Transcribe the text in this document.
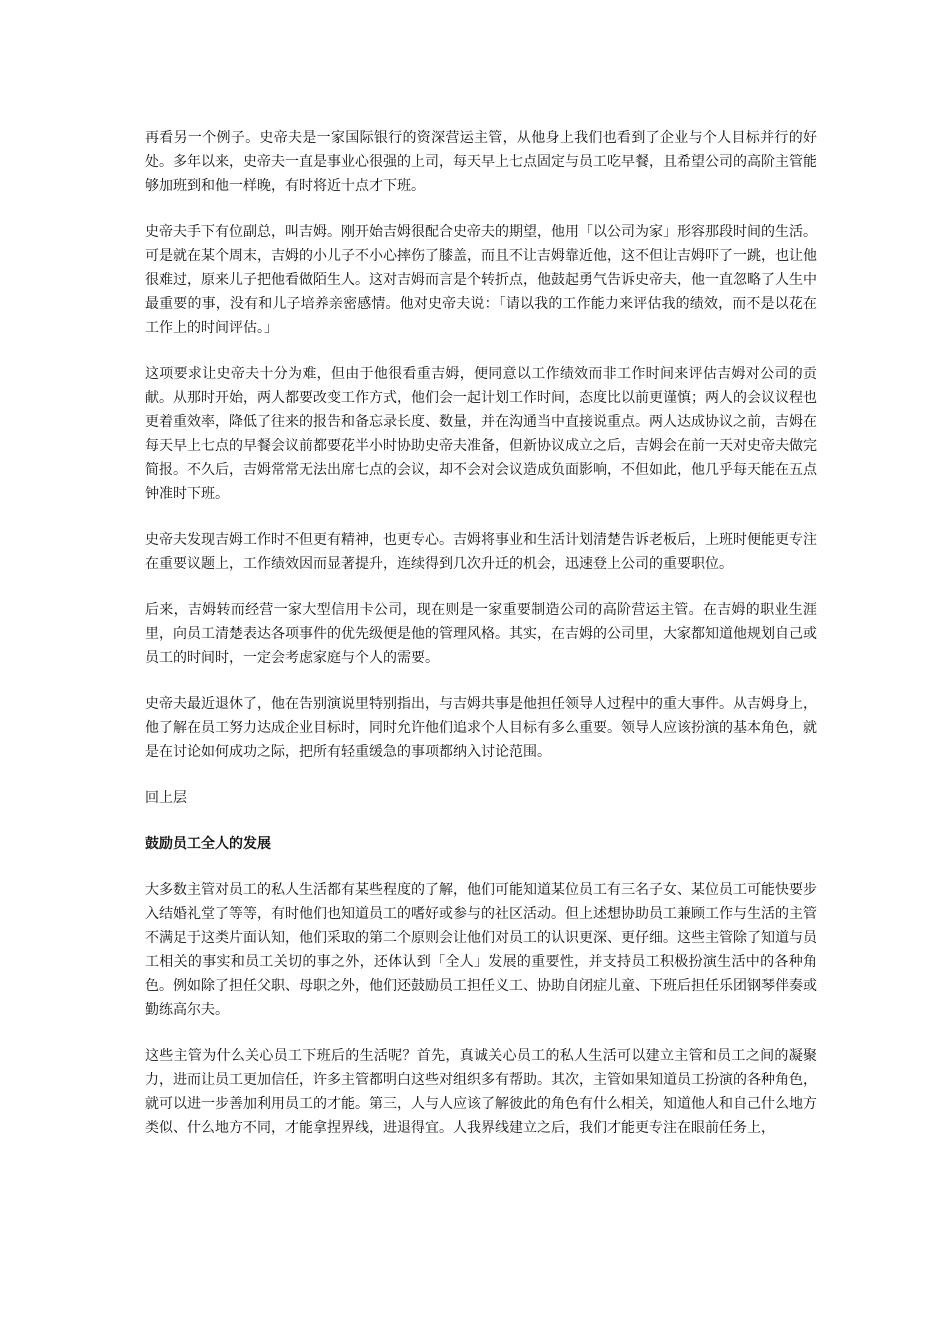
再看另一个例子。史帝夫是一家国际银行的资深营运主管，从他身上我们也看到了企业与个人目标并行的好处。多年以来，史帝夫一直是事业心很强的上司，每天早上七点固定与员工吃早餐，且希望公司的高阶主管能够加班到和他一样晚，有时将近十点才下班。

史帝夫手下有位副总，叫吉姆。刚开始吉姆很配合史帝夫的期望，他用「以公司为家」形容那段时间的生活。可是就在某个周末，吉姆的小儿子不小心摔伤了膝盖，而且不让吉姆靠近他，这不但让吉姆吓了一跳，也让他很难过，原来儿子把他看做陌生人。这对吉姆而言是个转折点，他鼓起勇气告诉史帝夫，他一直忽略了人生中最重要的事，没有和儿子培养亲密感情。他对史帝夫说：「请以我的工作能力来评估我的绩效，而不是以花在工作上的时间评估。」

这项要求让史帝夫十分为难，但由于他很看重吉姆，便同意以工作绩效而非工作时间来评估吉姆对公司的贡献。从那时开始，两人都要改变工作方式，他们会一起计划工作时间，态度比以前更谨慎；两人的会议议程也更着重效率，降低了往来的报告和备忘录长度、数量，并在沟通当中直接说重点。两人达成协议之前，吉姆在每天早上七点的早餐会议前都要花半小时协助史帝夫准备，但新协议成立之后，吉姆会在前一天对史帝夫做完简报。不久后，吉姆常常无法出席七点的会议，却不会对会议造成负面影响，不但如此，他几乎每天能在五点钟准时下班。

史帝夫发现吉姆工作时不但更有精神，也更专心。吉姆将事业和生活计划清楚告诉老板后，上班时便能更专注在重要议题上，工作绩效因而显著提升，连续得到几次升迁的机会，迅速登上公司的重要职位。

后来，吉姆转而经营一家大型信用卡公司，现在则是一家重要制造公司的高阶营运主管。在吉姆的职业生涯里，向员工清楚表达各项事件的优先级便是他的管理风格。其实，在吉姆的公司里，大家都知道他规划自己或员工的时间时，一定会考虑家庭与个人的需要。

史帝夫最近退休了，他在告别演说里特别指出，与吉姆共事是他担任领导人过程中的重大事件。从吉姆身上，他了解在员工努力达成企业目标时，同时允许他们追求个人目标有多么重要。领导人应该扮演的基本角色，就是在讨论如何成功之际，把所有轻重缓急的事项都纳入讨论范围。

回上层
鼓励员工全人的发展

大多数主管对员工的私人生活都有某些程度的了解，他们可能知道某位员工有三名子女、某位员工可能快要步入结婚礼堂了等等，有时他们也知道员工的嗜好或参与的社区活动。但上述想协助员工兼顾工作与生活的主管不满足于这类片面认知，他们采取的第二个原则会让他们对员工的认识更深、更仔细。这些主管除了知道与员工相关的事实和员工关切的事之外，还体认到「全人」发展的重要性，并支持员工积极扮演生活中的各种角色。例如除了担任父职、母职之外，他们还鼓励员工担任义工、协助自闭症儿童、下班后担任乐团钢琴伴奏或勤练高尔夫。

这些主管为什么关心员工下班后的生活呢？首先，真诚关心员工的私人生活可以建立主管和员工之间的凝聚力，进而让员工更加信任，许多主管都明白这些对组织多有帮助。其次，主管如果知道员工扮演的各种角色，就可以进一步善加利用员工的才能。第三，人与人应该了解彼此的角色有什么相关，知道他人和自己什么地方类似、什么地方不同，才能拿捏界线，进退得宜。人我界线建立之后，我们才能更专注在眼前任务上，
